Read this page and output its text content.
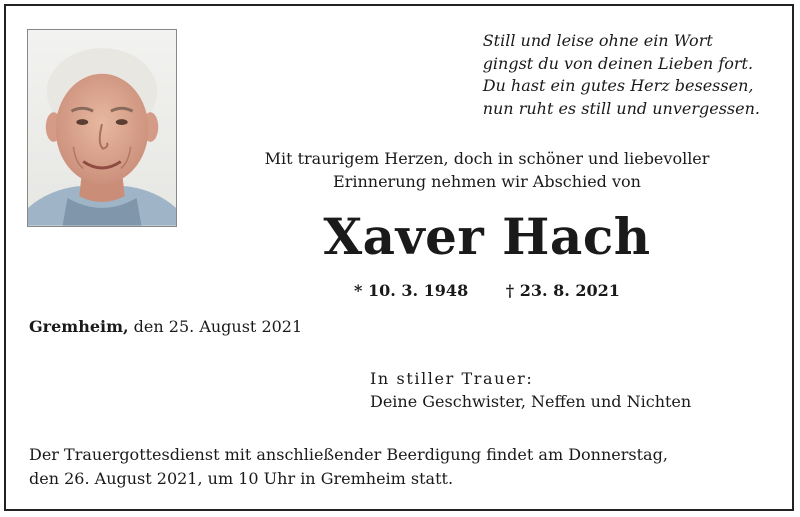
Still und leise ohne ein Wort
gingst du von deinen Lieben fort.
Du hast ein gutes Herz besessen,
nun ruht es still und unvergessen.
Mit traurigem Herzen, doch in schöner und liebevoller
Erinnerung nehmen wir Abschied von
Xaver Hach
* 10. 3. 1948 † 23. 8. 2021
Gremheim, den 25. August 2021
In stiller Trauer:
Deine Geschwister, Neffen und Nichten
Der Trauergottesdienst mit anschließender Beerdigung findet am Donnerstag,
den 26. August 2021, um 10 Uhr in Gremheim statt.
